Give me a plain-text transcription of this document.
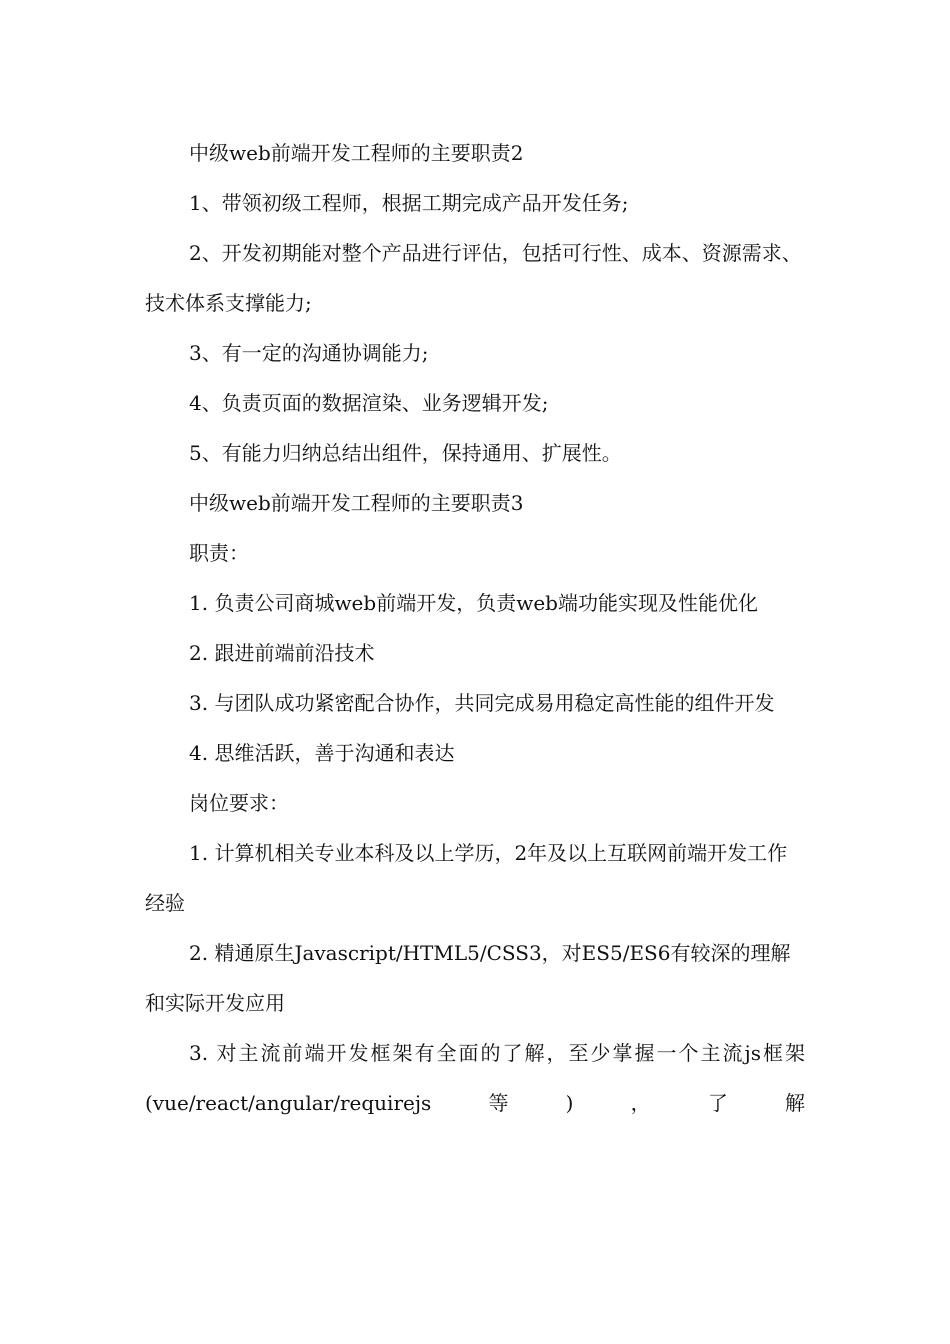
中级web前端开发工程师的主要职责2

1、带领初级工程师，根据工期完成产品开发任务;

2、开发初期能对整个产品进行评估，包括可行性、成本、资源需求、技术体系支撑能力;

3、有一定的沟通协调能力;

4、负责页面的数据渲染、业务逻辑开发;

5、有能力归纳总结出组件，保持通用、扩展性。

中级web前端开发工程师的主要职责3

职责：

1. 负责公司商城web前端开发，负责web端功能实现及性能优化

2. 跟进前端前沿技术

3. 与团队成功紧密配合协作，共同完成易用稳定高性能的组件开发

4. 思维活跃，善于沟通和表达

岗位要求：

1. 计算机相关专业本科及以上学历，2年及以上互联网前端开发工作经验

2. 精通原生Javascript/HTML5/CSS3，对ES5/ES6有较深的理解和实际开发应用

3. 对主流前端开发框架有全面的了解，至少掌握一个主流js框架(vue/react/angular/requirejs等)，了解
